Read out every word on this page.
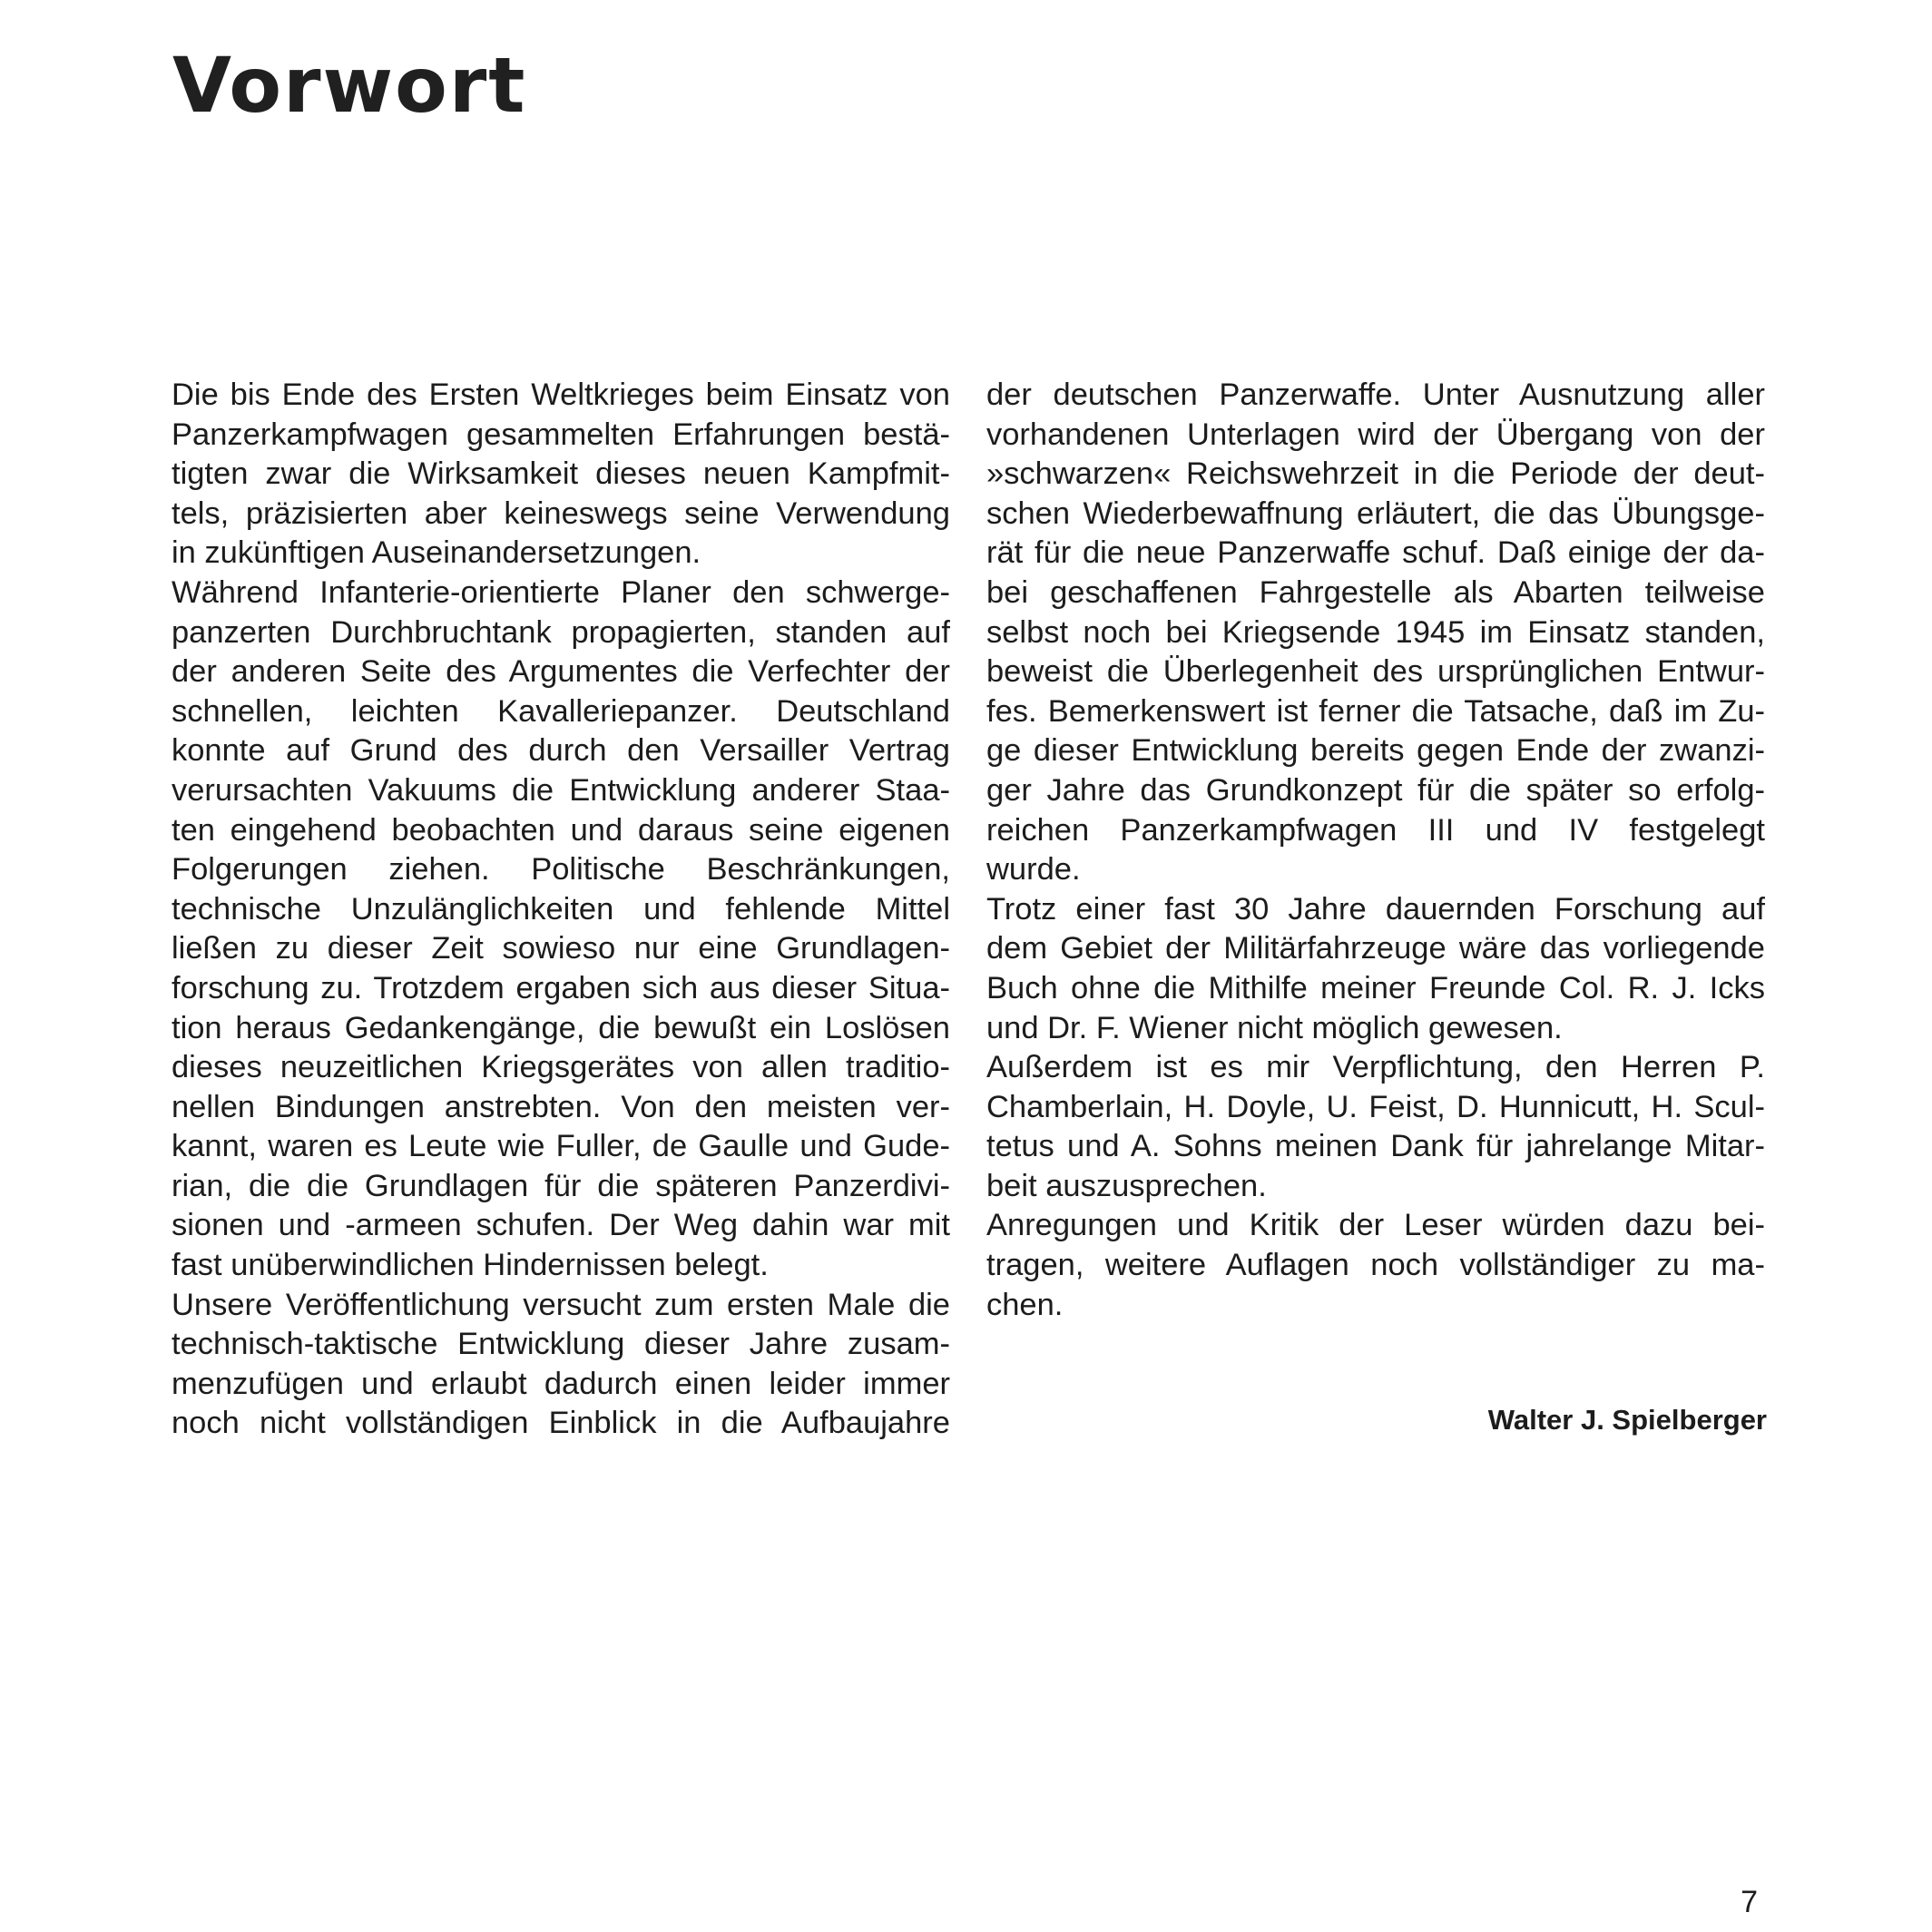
Vorwort
Die bis Ende des Ersten Weltkrieges beim Einsatz von
Panzerkampfwagen gesammelten Erfahrungen bestä-
tigten zwar die Wirksamkeit dieses neuen Kampfmit-
tels, präzisierten aber keineswegs seine Verwendung
in zukünftigen Auseinandersetzungen.
Während Infanterie-orientierte Planer den schwerge-
panzerten Durchbruchtank propagierten, standen auf
der anderen Seite des Argumentes die Verfechter der
schnellen, leichten Kavalleriepanzer. Deutschland
konnte auf Grund des durch den Versailler Vertrag
verursachten Vakuums die Entwicklung anderer Staa-
ten eingehend beobachten und daraus seine eigenen
Folgerungen ziehen. Politische Beschränkungen,
technische Unzulänglichkeiten und fehlende Mittel
ließen zu dieser Zeit sowieso nur eine Grundlagen-
forschung zu. Trotzdem ergaben sich aus dieser Situa-
tion heraus Gedankengänge, die bewußt ein Loslösen
dieses neuzeitlichen Kriegsgerätes von allen traditio-
nellen Bindungen anstrebten. Von den meisten ver-
kannt, waren es Leute wie Fuller, de Gaulle und Gude-
rian, die die Grundlagen für die späteren Panzerdivi-
sionen und -armeen schufen. Der Weg dahin war mit
fast unüberwindlichen Hindernissen belegt.
Unsere Veröffentlichung versucht zum ersten Male die
technisch-taktische Entwicklung dieser Jahre zusam-
menzufügen und erlaubt dadurch einen leider immer
noch nicht vollständigen Einblick in die Aufbaujahre
der deutschen Panzerwaffe. Unter Ausnutzung aller
vorhandenen Unterlagen wird der Übergang von der
»schwarzen« Reichswehrzeit in die Periode der deut-
schen Wiederbewaffnung erläutert, die das Übungsge-
rät für die neue Panzerwaffe schuf. Daß einige der da-
bei geschaffenen Fahrgestelle als Abarten teilweise
selbst noch bei Kriegsende 1945 im Einsatz standen,
beweist die Überlegenheit des ursprünglichen Entwur-
fes. Bemerkenswert ist ferner die Tatsache, daß im Zu-
ge dieser Entwicklung bereits gegen Ende der zwanzi-
ger Jahre das Grundkonzept für die später so erfolg-
reichen Panzerkampfwagen III und IV festgelegt
wurde.
Trotz einer fast 30 Jahre dauernden Forschung auf
dem Gebiet der Militärfahrzeuge wäre das vorliegende
Buch ohne die Mithilfe meiner Freunde Col. R. J. Icks
und Dr. F. Wiener nicht möglich gewesen.
Außerdem ist es mir Verpflichtung, den Herren P.
Chamberlain, H. Doyle, U. Feist, D. Hunnicutt, H. Scul-
tetus und A. Sohns meinen Dank für jahrelange Mitar-
beit auszusprechen.
Anregungen und Kritik der Leser würden dazu bei-
tragen, weitere Auflagen noch vollständiger zu ma-
chen.
Walter J. Spielberger
7
